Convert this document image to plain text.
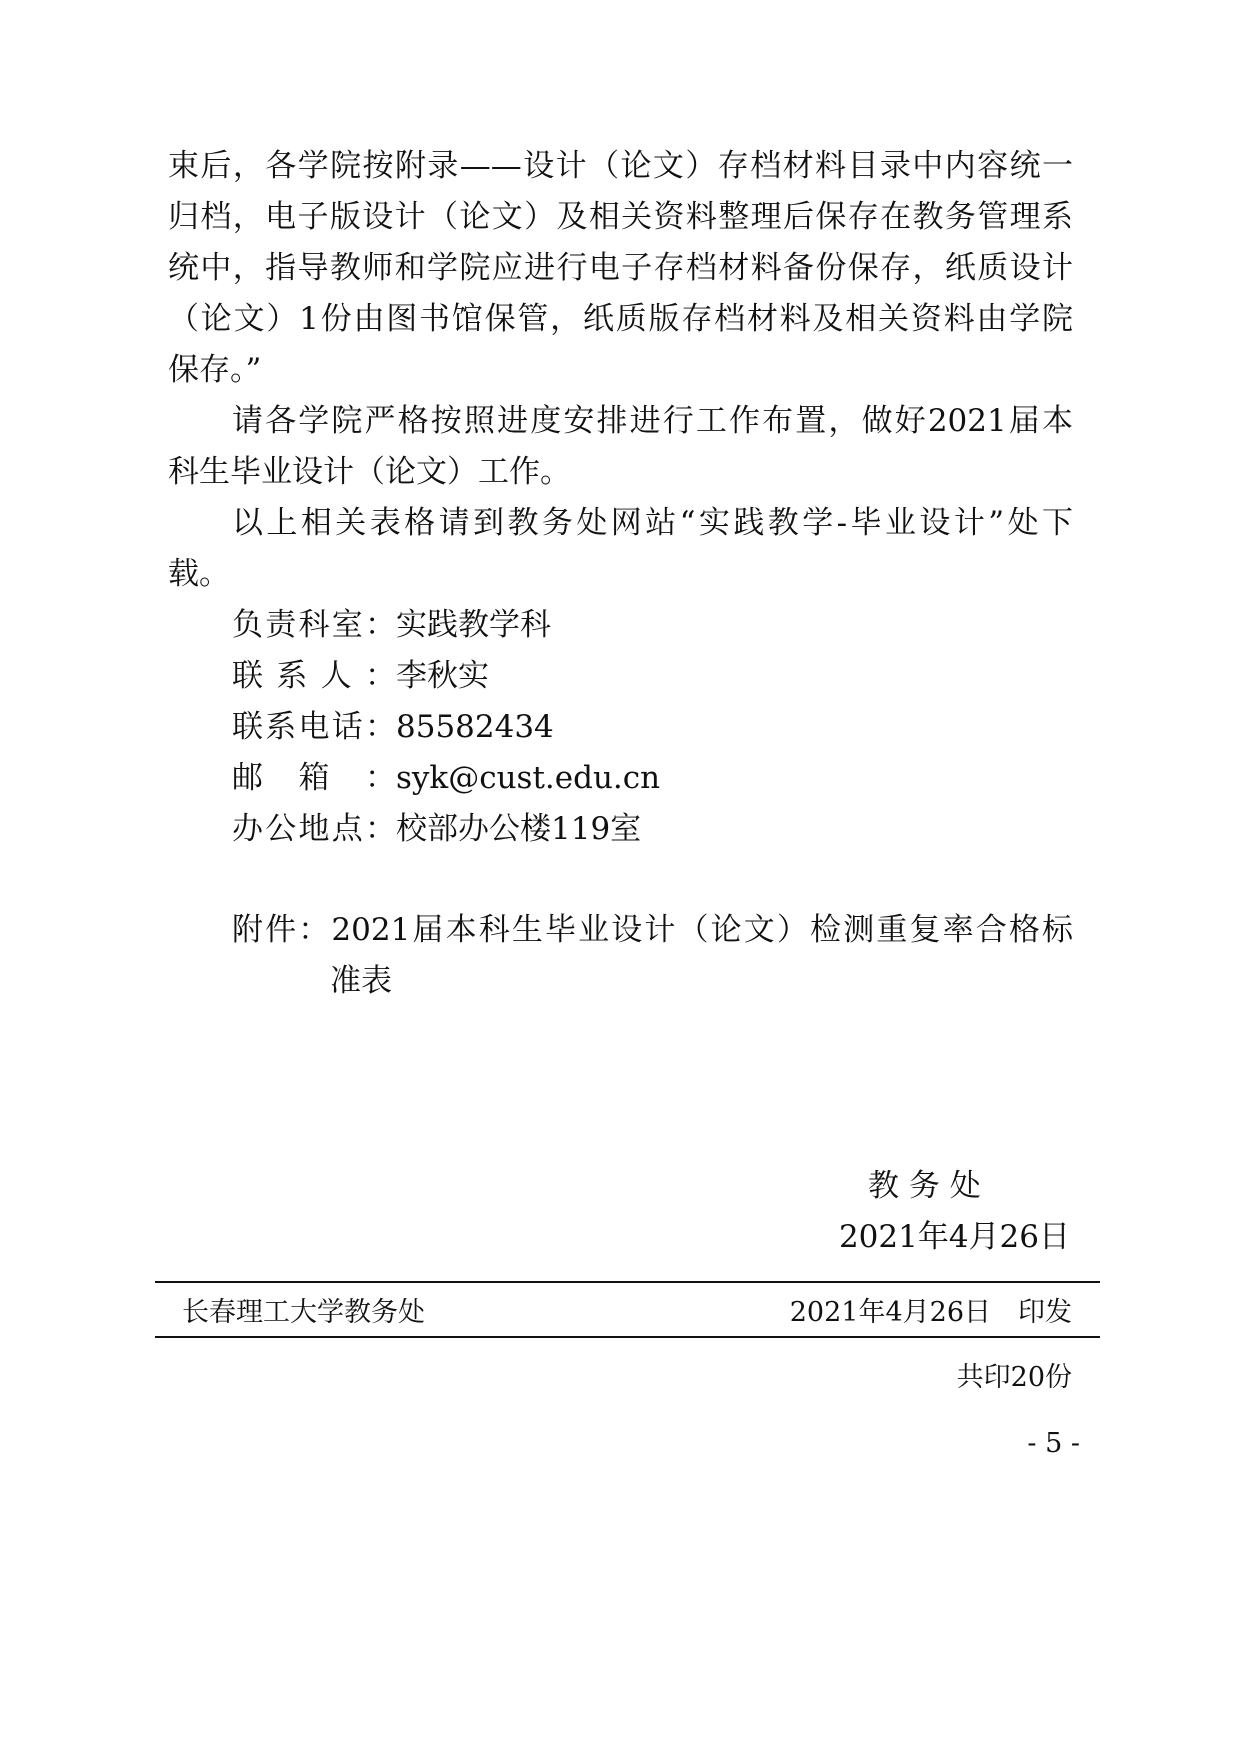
束后，各学院按附录——设计（论文）存档材料目录中内容统一
归档，电子版设计（论文）及相关资料整理后保存在教务管理系
统中，指导教师和学院应进行电子存档材料备份保存，纸质设计
（论文）1份由图书馆保管，纸质版存档材料及相关资料由学院
保存。”
请各学院严格按照进度安排进行工作布置，做好2021届本
科生毕业设计（论文）工作。
以上相关表格请到教务处网站“实践教学-毕业设计”处下
载。
负责科室：实践教学科
联系人：李秋实
联系电话：85582434
邮箱：syk@cust.edu.cn
办公地点：校部办公楼119室
附件：2021届本科生毕业设计（论文）检测重复率合格标
准表
教 务 处
2021年4月26日
长春理工大学教务处	2021年4月26日　印发
共印20份
- 5 -
